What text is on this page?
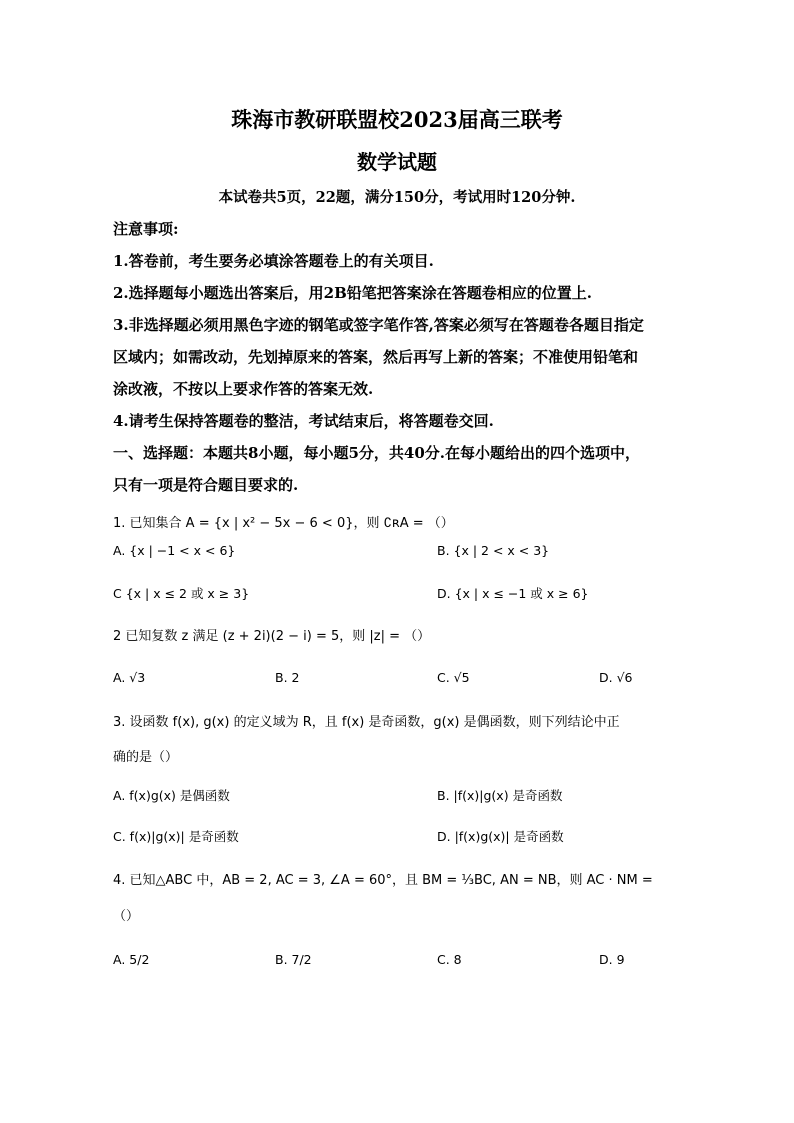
珠海市教研联盟校2023届高三联考
数学试题
本试卷共5页，22题，满分150分，考试用时120分钟.
注意事项:
1.答卷前，考生要务必填涂答题卷上的有关项目.
2.选择题每小题选出答案后，用2B铅笔把答案涂在答题卷相应的位置上.
3.非选择题必须用黑色字迹的钢笔或签字笔作答,答案必须写在答题卷各题目指定
区域内；如需改动，先划掉原来的答案，然后再写上新的答案；不准使用铅笔和
涂改液，不按以上要求作答的答案无效.
4.请考生保持答题卷的整洁，考试结束后，将答题卷交回.
一、选择题：本题共8小题，每小题5分，共40分.在每小题给出的四个选项中，
只有一项是符合题目要求的.
1. 已知集合 A = {x | x² − 5x − 6 < 0}，则 ∁ʀA = （）
A. {x | −1 < x < 6}	B. {x | 2 < x < 3}
C {x | x ≤ 2 或 x ≥ 3}	D. {x | x ≤ −1 或 x ≥ 6}
2 已知复数 z 满足 (z + 2i)(2 − i) = 5，则 |z| = （）
A. √3	B. 2	C. √5	D. √6
3. 设函数 f(x), g(x) 的定义域为 R，且 f(x) 是奇函数，g(x) 是偶函数，则下列结论中正
确的是（）
A. f(x)g(x) 是偶函数	B. |f(x)|g(x) 是奇函数
C. f(x)|g(x)| 是奇函数	D. |f(x)g(x)| 是奇函数
4. 已知△ABC 中，AB = 2, AC = 3, ∠A = 60°，且 BM = ⅓BC, AN = NB，则 AC · NM =
（）
A. 5/2	B. 7/2	C. 8	D. 9
